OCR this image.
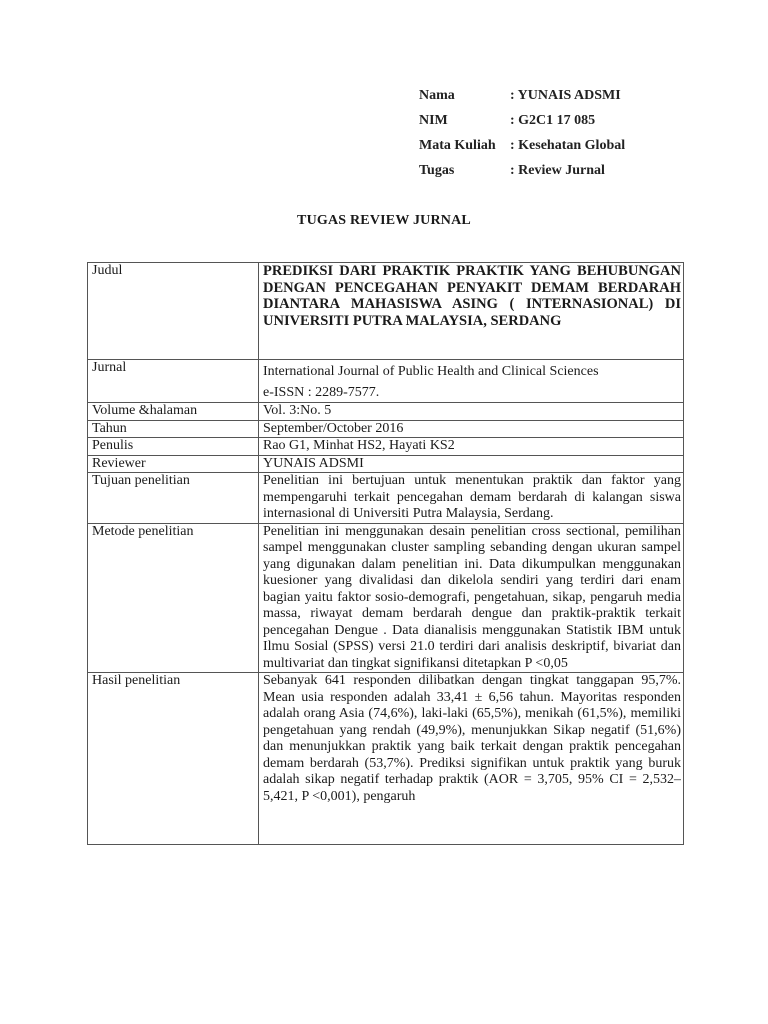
Nama	: YUNAIS ADSMI
NIM	: G2C1 17 085
Mata Kuliah	: Kesehatan Global
Tugas	: Review Jurnal
TUGAS REVIEW JURNAL
Judul	PREDIKSI DARI PRAKTIK PRAKTIK YANG BEHUBUNGAN DENGAN PENCEGAHAN PENYAKIT DEMAM BERDARAH DIANTARA MAHASISWA ASING ( INTERNASIONAL) DI UNIVERSITI PUTRA MALAYSIA, SERDANG
Jurnal	International Journal of Public Health and Clinical Sciences
e-ISSN : 2289-7577.

Volume &halaman	Vol. 3:No. 5
Tahun	September/October 2016
Penulis	Rao G1, Minhat HS2, Hayati KS2
Reviewer	YUNAIS ADSMI
Tujuan penelitian	Penelitian ini bertujuan untuk menentukan praktik dan faktor yang mempengaruhi terkait pencegahan demam berdarah di kalangan siswa internasional di Universiti Putra Malaysia, Serdang.
Metode penelitian	Penelitian ini menggunakan desain penelitian cross sectional, pemilihan sampel menggunakan cluster sampling sebanding dengan ukuran sampel yang digunakan dalam penelitian ini. Data dikumpulkan menggunakan kuesioner yang divalidasi dan dikelola sendiri yang terdiri dari enam bagian yaitu faktor sosio-demografi, pengetahuan, sikap, pengaruh media massa, riwayat demam berdarah dengue dan praktik-praktik terkait pencegahan Dengue . Data dianalisis menggunakan Statistik IBM untuk Ilmu Sosial (SPSS) versi 21.0 terdiri dari analisis deskriptif, bivariat dan multivariat dan tingkat signifikansi ditetapkan P <0,05
Hasil penelitian	Sebanyak 641 responden dilibatkan dengan tingkat tanggapan 95,7%. Mean usia responden adalah 33,41 ± 6,56 tahun. Mayoritas responden adalah orang Asia (74,6%), laki-laki (65,5%), menikah (61,5%), memiliki pengetahuan yang rendah (49,9%), menunjukkan Sikap negatif (51,6%) dan menunjukkan praktik yang baik terkait dengan praktik pencegahan demam berdarah (53,7%). Prediksi signifikan untuk praktik yang buruk adalah sikap negatif terhadap praktik (AOR = 3,705, 95% CI = 2,532–5,421, P <0,001), pengaruh
